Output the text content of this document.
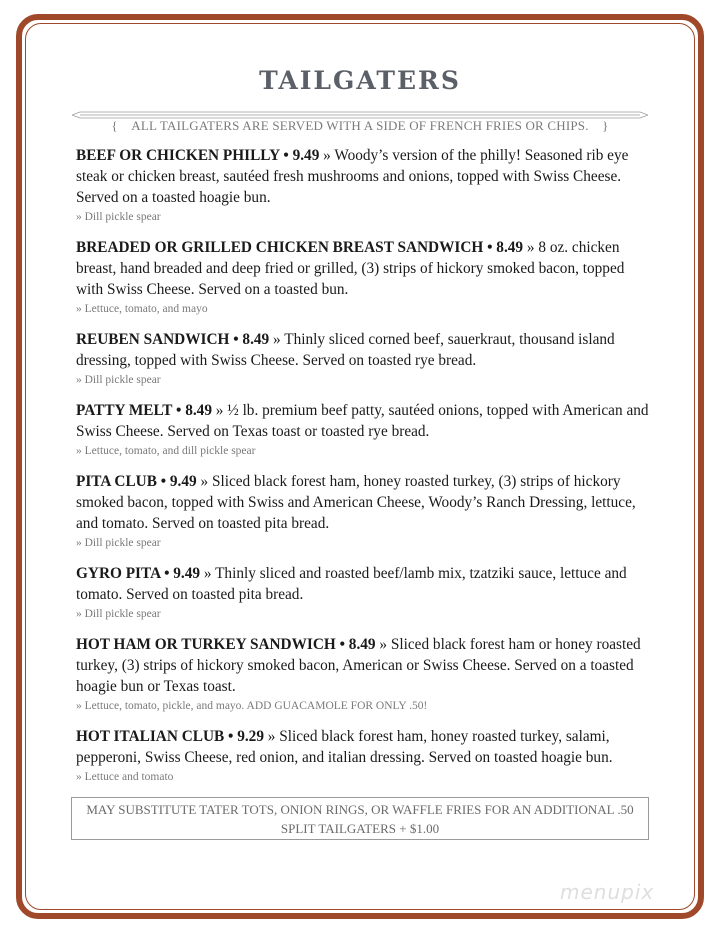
TAILGATERS
{ ALL TAILGATERS ARE SERVED WITH A SIDE OF FRENCH FRIES OR CHIPS. }
BEEF OR CHICKEN PHILLY • 9.49 » Woody’s version of the philly! Seasoned rib eye steak or chicken breast, sautéed fresh mushrooms and onions, topped with Swiss Cheese. Served on a toasted hoagie bun.
» Dill pickle spear
BREADED OR GRILLED CHICKEN BREAST SANDWICH • 8.49 » 8 oz. chicken breast, hand breaded and deep fried or grilled, (3) strips of hickory smoked bacon, topped with Swiss Cheese. Served on a toasted bun.
» Lettuce, tomato, and mayo
REUBEN SANDWICH • 8.49 » Thinly sliced corned beef, sauerkraut, thousand island dressing, topped with Swiss Cheese. Served on toasted rye bread.
» Dill pickle spear
PATTY MELT • 8.49 » ½ lb. premium beef patty, sautéed onions, topped with American and Swiss Cheese. Served on Texas toast or toasted rye bread.
» Lettuce, tomato, and dill pickle spear
PITA CLUB • 9.49 » Sliced black forest ham, honey roasted turkey, (3) strips of hickory smoked bacon, topped with Swiss and American Cheese, Woody’s Ranch Dressing, lettuce, and tomato. Served on toasted pita bread.
» Dill pickle spear
GYRO PITA • 9.49 » Thinly sliced and roasted beef/lamb mix, tzatziki sauce, lettuce and tomato. Served on toasted pita bread.
» Dill pickle spear
HOT HAM OR TURKEY SANDWICH • 8.49 » Sliced black forest ham or honey roasted turkey, (3) strips of hickory smoked bacon, American or Swiss Cheese. Served on a toasted hoagie bun or Texas toast.
» Lettuce, tomato, pickle, and mayo. ADD GUACAMOLE FOR ONLY .50!
HOT ITALIAN CLUB • 9.29 » Sliced black forest ham, honey roasted turkey, salami, pepperoni, Swiss Cheese, red onion, and italian dressing. Served on toasted hoagie bun.
» Lettuce and tomato
MAY SUBSTITUTE TATER TOTS, ONION RINGS, OR WAFFLE FRIES FOR AN ADDITIONAL .50
SPLIT TAILGATERS + $1.00
menupix
